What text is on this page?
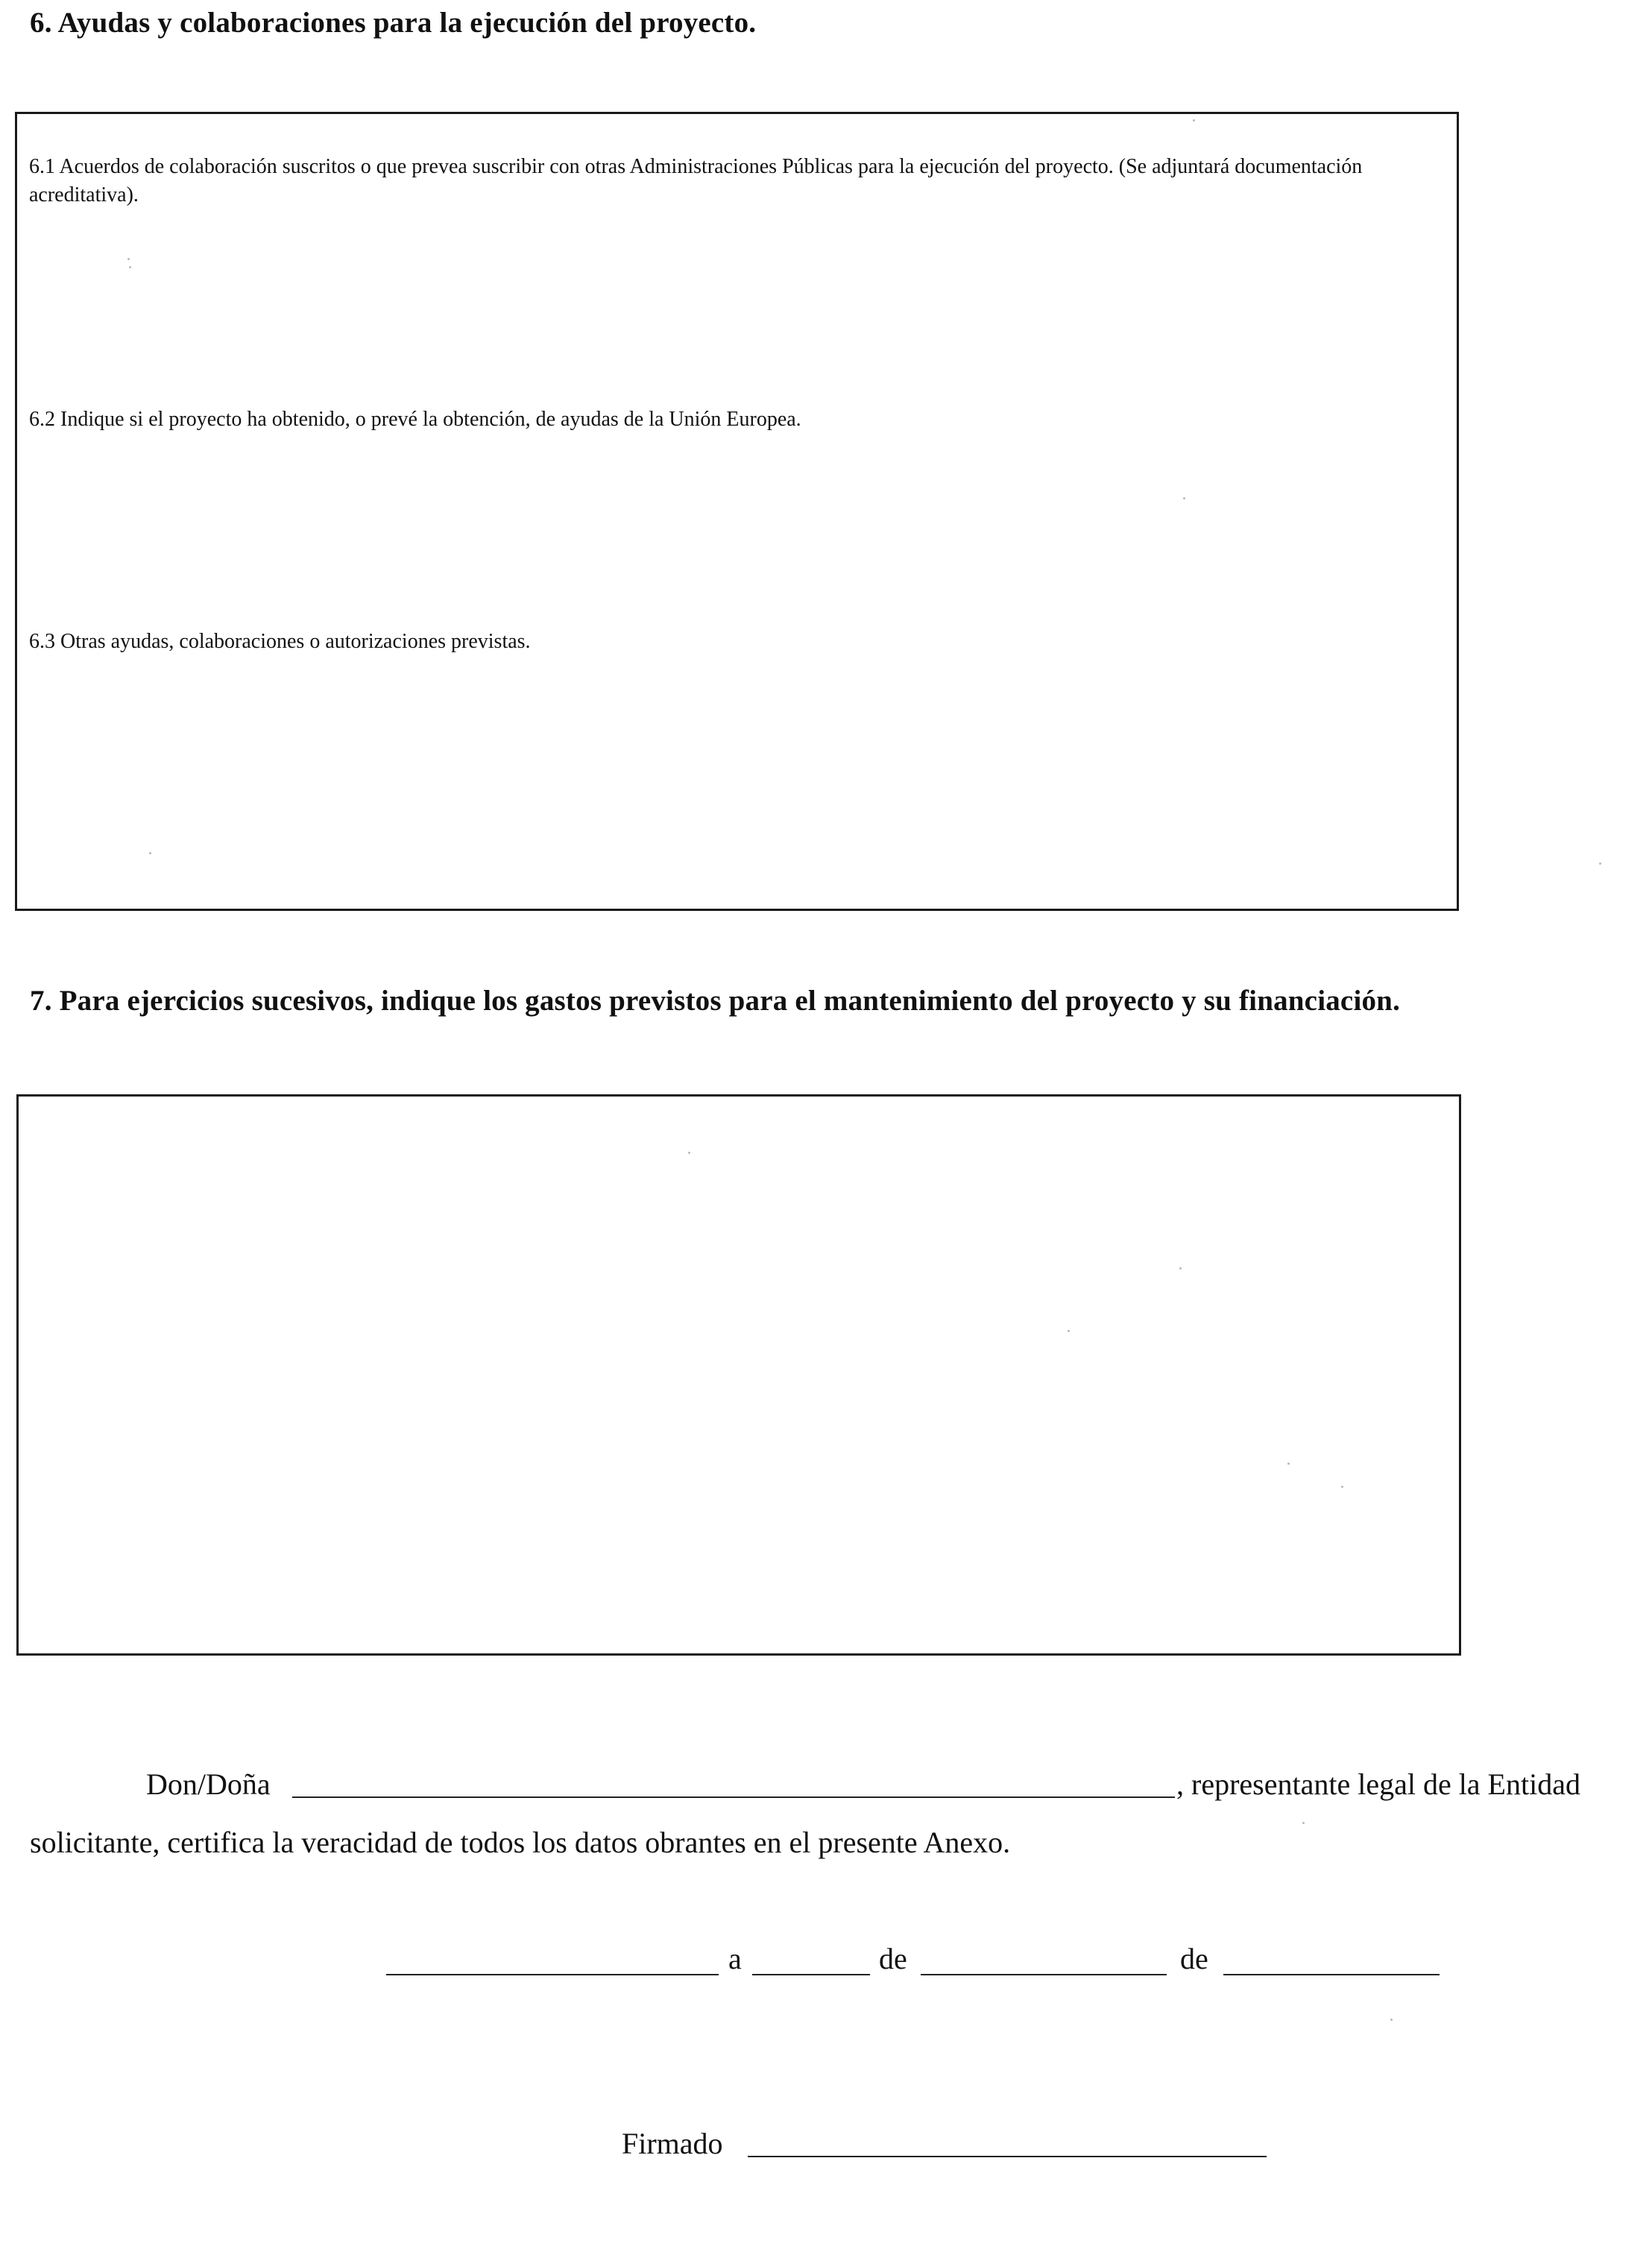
6. Ayudas y colaboraciones para la ejecución del proyecto.
6.1 Acuerdos de colaboración suscritos o que prevea suscribir con otras Administraciones Públicas para la ejecución del proyecto. (Se adjuntará documentación acreditativa).
6.2 Indique si el proyecto ha obtenido, o prevé la obtención, de ayudas de la Unión Europea.
6.3 Otras ayudas, colaboraciones o autorizaciones previstas.
7. Para ejercicios sucesivos, indique los gastos previstos para el mantenimiento del proyecto y su financiación.
Don/Doña	, representante legal de la Entidad
solicitante, certifica la veracidad de todos los datos obrantes en el presente Anexo.
a	de	de
Firmado
